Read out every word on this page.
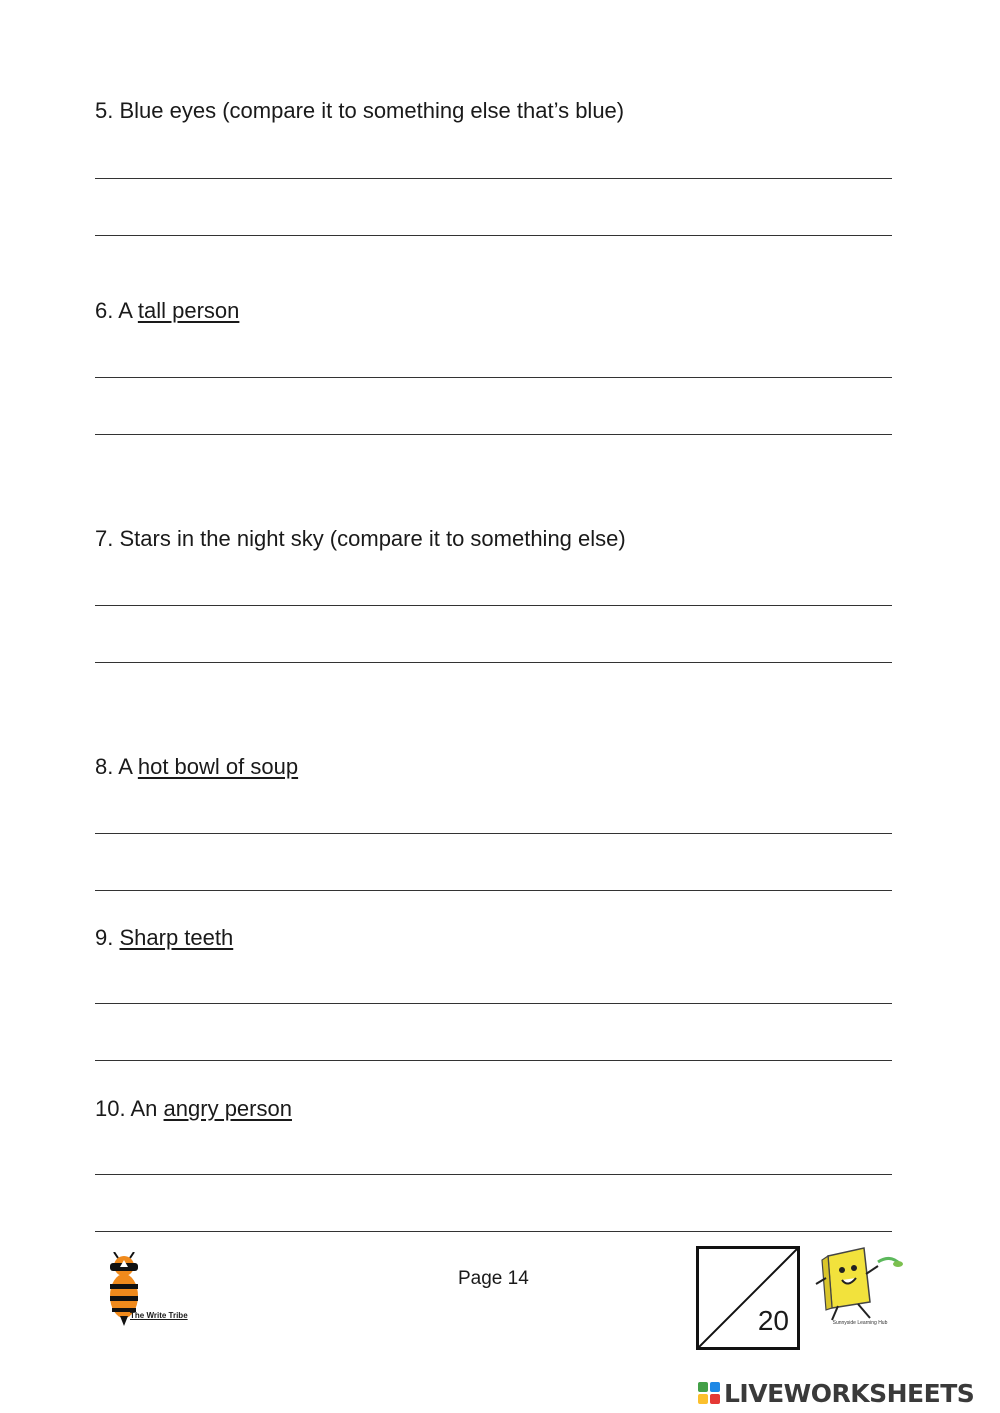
5. Blue eyes (compare it to something else that’s blue)
6. A tall person
7. Stars in the night sky (compare it to something else)
8. A hot bowl of soup
9. Sharp teeth
10. An angry person
The Write Tribe
Page 14
20	Sunnyside Learning Hub
LIVEWORKSHEETS
